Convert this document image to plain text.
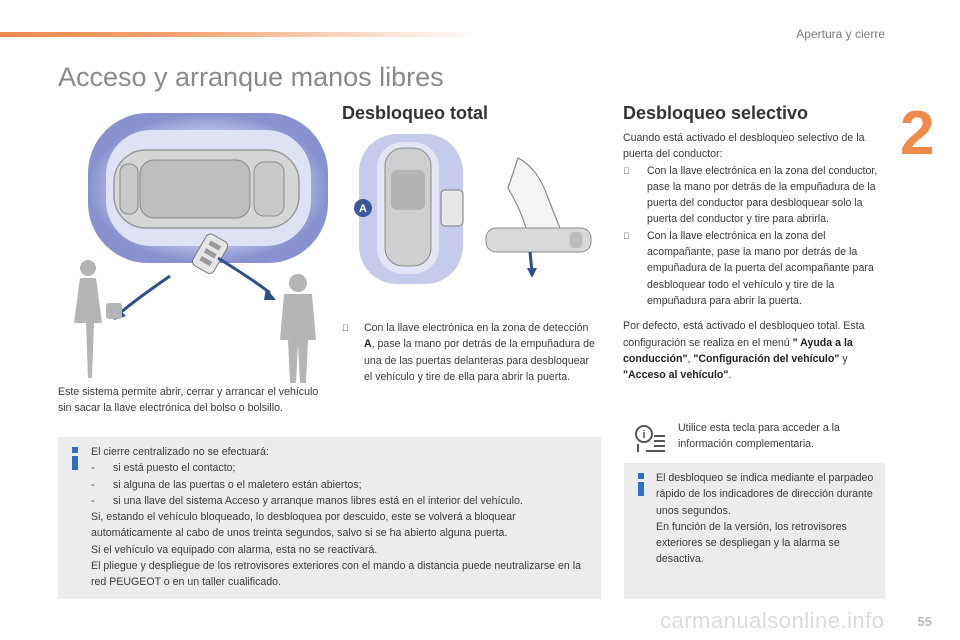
Apertura y cierre
2
Acceso y arranque manos libres
Desbloqueo total
A
Con la llave electrónica en la zona de detección A, pase la mano por detrás de la empuñadura de una de las puertas delanteras para desbloquear el vehículo y tire de ella para abrir la puerta.
Este sistema permite abrir, cerrar y arrancar el vehículo sin sacar la llave electrónica del bolso o bolsillo.
Desbloqueo selectivo

Cuando está activado el desbloqueo selectivo de la puerta del conductor:

Con la llave electrónica en la zona del conductor, pase la mano por detrás de la empuñadura de la puerta del conductor para desbloquear solo la puerta del conductor y tire para abrirla.
Con la llave electrónica en la zona del acompañante, pase la mano por detrás de la empuñadura de la puerta del acompañante para desbloquear todo el vehículo y tire de la empuñadura para abrir la puerta.

Por defecto, está activado el desbloqueo total. Esta configuración se realiza en el menú " Ayuda a la conducción", "Configuración del vehículo" y "Acceso al vehículo".

i
Utilice esta tecla para acceder a la información complementaria.

El cierre centralizado no se efectuará:

- si está puesto el contacto;
- si alguna de las puertas o el maletero están abiertos;
- si una llave del sistema Acceso y arranque manos libres está en el interior del vehículo.

Si, estando el vehículo bloqueado, lo desbloquea por descuido, este se volverá a bloquear automáticamente al cabo de unos treinta segundos, salvo si se ha abierto alguna puerta.

Si el vehículo va equipado con alarma, esta no se reactivará.

El pliegue y despliegue de los retrovisores exteriores con el mando a distancia puede neutralizarse en la red PEUGEOT o en un taller cualificado.

El desbloqueo se indica mediante el parpadeo rápido de los indicadores de dirección durante unos segundos.

En función de la versión, los retrovisores exteriores se despliegan y la alarma se desactiva.

carmanualsonline.info	55
